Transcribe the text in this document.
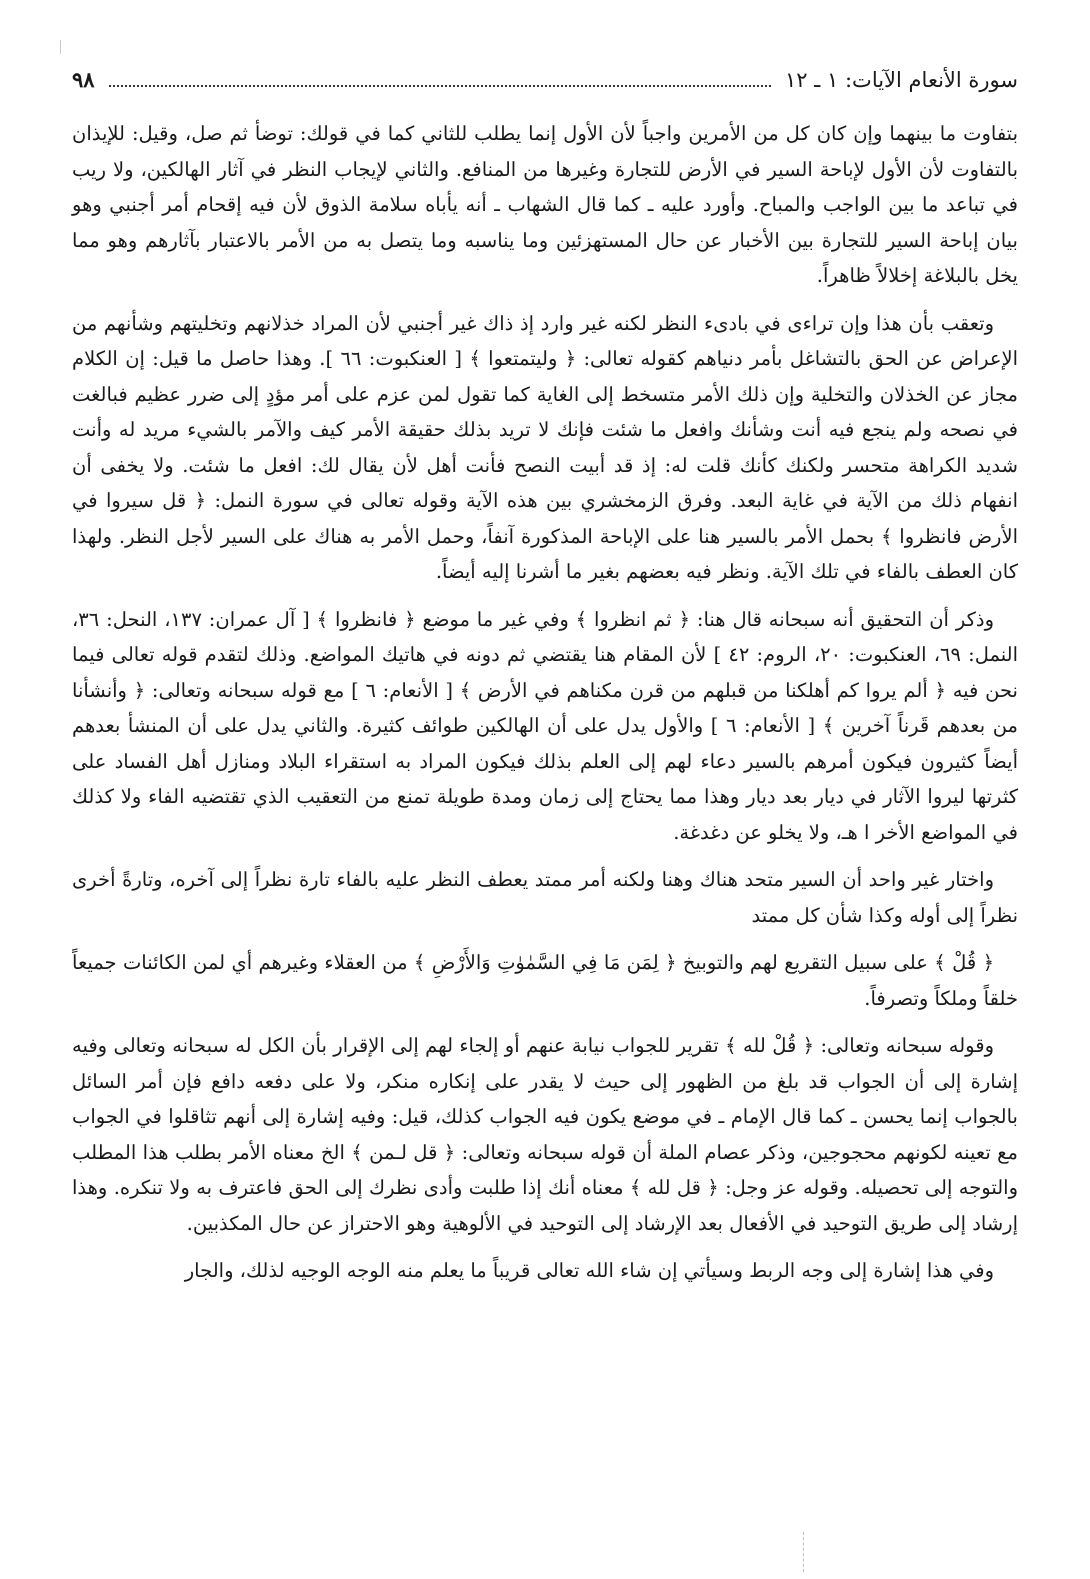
سورة الأنعام الآيات: ١ ـ ١٢
٩٨

بتفاوت ما بينهما وإن كان كل من الأمرين واجباً لأن الأول إنما يطلب للثاني كما في قولك: توضأ ثم صل، وقيل: للإيذان بالتفاوت لأن الأول لإباحة السير في الأرض للتجارة وغيرها من المنافع. والثاني لإيجاب النظر في آثار الهالكين، ولا ريب في تباعد ما بين الواجب والمباح. وأورد عليه ـ كما قال الشهاب ـ أنه يأباه سلامة الذوق لأن فيه إقحام أمر أجنبي وهو بيان إباحة السير للتجارة بين الأخبار عن حال المستهزئين وما يناسبه وما يتصل به من الأمر بالاعتبار بآثارهم وهو مما يخل بالبلاغة إخلالاً ظاهراً.

وتعقب بأن هذا وإن تراءى في بادىء النظر لكنه غير وارد إذ ذاك غير أجنبي لأن المراد خذلانهم وتخليتهم وشأنهم من الإعراض عن الحق بالتشاغل بأمر دنياهم كقوله تعالى: ﴿ وليتمتعوا ﴾ [ العنكبوت: ٦٦ ]. وهذا حاصل ما قيل: إن الكلام مجاز عن الخذلان والتخلية وإن ذلك الأمر متسخط إلى الغاية كما تقول لمن عزم على أمر مؤدٍ إلى ضرر عظيم فبالغت في نصحه ولم ينجع فيه أنت وشأنك وافعل ما شئت فإنك لا تريد بذلك حقيقة الأمر كيف والآمر بالشيء مريد له وأنت شديد الكراهة متحسر ولكنك كأنك قلت له: إذ قد أبيت النصح فأنت أهل لأن يقال لك: افعل ما شئت. ولا يخفى أن انفهام ذلك من الآية في غاية البعد. وفرق الزمخشري بين هذه الآية وقوله تعالى في سورة النمل: ﴿ قل سيروا في الأرض فانظروا ﴾ بحمل الأمر بالسير هنا على الإباحة المذكورة آنفاً، وحمل الأمر به هناك على السير لأجل النظر. ولهذا كان العطف بالفاء في تلك الآية. ونظر فيه بعضهم بغير ما أشرنا إليه أيضاً.

وذكر أن التحقيق أنه سبحانه قال هنا: ﴿ ثم انظروا ﴾ وفي غير ما موضع ﴿ فانظروا ﴾ [ آل عمران: ١٣٧، النحل: ٣٦، النمل: ٦٩، العنكبوت: ٢٠، الروم: ٤٢ ] لأن المقام هنا يقتضي ثم دونه في هاتيك المواضع. وذلك لتقدم قوله تعالى فيما نحن فيه ﴿ ألم يروا كم أهلكنا من قبلهم من قرن مكناهم في الأرض ﴾ [ الأنعام: ٦ ] مع قوله سبحانه وتعالى: ﴿ وأنشأنا من بعدهم قَرناً آخرين ﴾ [ الأنعام: ٦ ] والأول يدل على أن الهالكين طوائف كثيرة. والثاني يدل على أن المنشأ بعدهم أيضاً كثيرون فيكون أمرهم بالسير دعاء لهم إلى العلم بذلك فيكون المراد به استقراء البلاد ومنازل أهل الفساد على كثرتها ليروا الآثار في ديار بعد ديار وهذا مما يحتاج إلى زمان ومدة طويلة تمنع من التعقيب الذي تقتضيه الفاء ولا كذلك في المواضع الأخر ا هـ، ولا يخلو عن دغدغة.

واختار غير واحد أن السير متحد هناك وهنا ولكنه أمر ممتد يعطف النظر عليه بالفاء تارة نظراً إلى آخره، وتارةً أخرى نظراً إلى أوله وكذا شأن كل ممتد

﴿ قُلْ ﴾ على سبيل التقريع لهم والتوبيخ ﴿ لِمَن مَا فِي السَّمٰوٰتِ وَالأَرْضِ ﴾ من العقلاء وغيرهم أي لمن الكائنات جميعاً خلقاً وملكاً وتصرفاً.

وقوله سبحانه وتعالى: ﴿ قُلْ لله ﴾ تقرير للجواب نيابة عنهم أو إلجاء لهم إلى الإقرار بأن الكل له سبحانه وتعالى وفيه إشارة إلى أن الجواب قد بلغ من الظهور إلى حيث لا يقدر على إنكاره منكر، ولا على دفعه دافع فإن أمر السائل بالجواب إنما يحسن ـ كما قال الإمام ـ في موضع يكون فيه الجواب كذلك، قيل: وفيه إشارة إلى أنهم تثاقلوا في الجواب مع تعينه لكونهم محجوجين، وذكر عصام الملة أن قوله سبحانه وتعالى: ﴿ قل لـمن ﴾ الخ معناه الأمر بطلب هذا المطلب والتوجه إلى تحصيله. وقوله عز وجل: ﴿ قل لله ﴾ معناه أنك إذا طلبت وأدى نظرك إلى الحق فاعترف به ولا تنكره. وهذا إرشاد إلى طريق التوحيد في الأفعال بعد الإرشاد إلى التوحيد في الألوهية وهو الاحتراز عن حال المكذبين.

وفي هذا إشارة إلى وجه الربط وسيأتي إن شاء الله تعالى قريباً ما يعلم منه الوجه الوجيه لذلك، والجار
